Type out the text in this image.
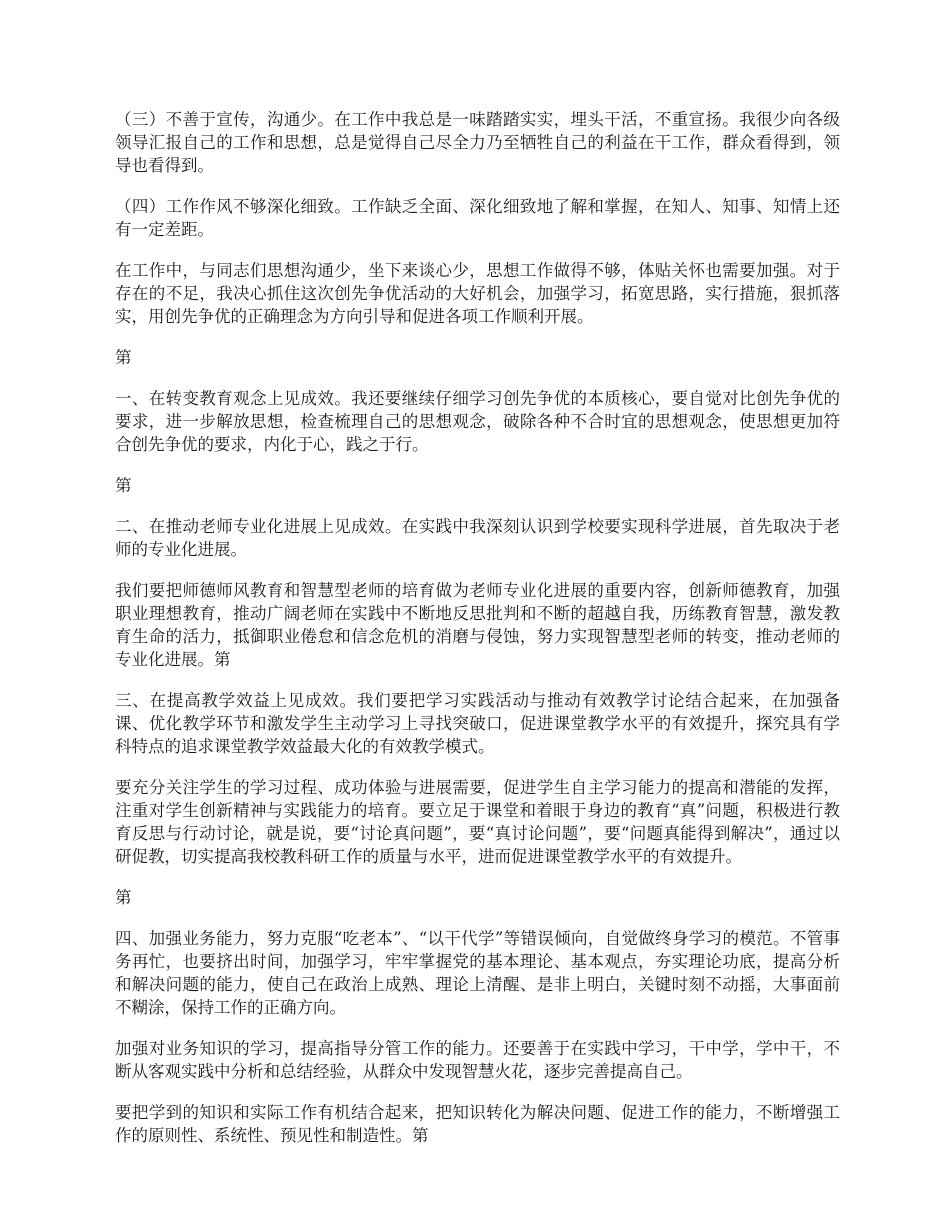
（三）不善于宣传，沟通少。在工作中我总是一味踏踏实实，埋头干活，不重宣扬。我很少向各级领导汇报自己的工作和思想，总是觉得自己尽全力乃至牺牲自己的利益在干工作，群众看得到，领导也看得到。

（四）工作作风不够深化细致。工作缺乏全面、深化细致地了解和掌握，在知人、知事、知情上还有一定差距。

在工作中，与同志们思想沟通少，坐下来谈心少，思想工作做得不够，体贴关怀也需要加强。对于存在的不足，我决心抓住这次创先争优活动的大好机会，加强学习，拓宽思路，实行措施，狠抓落实，用创先争优的正确理念为方向引导和促进各项工作顺利开展。

第

一、在转变教育观念上见成效。我还要继续仔细学习创先争优的本质核心，要自觉对比创先争优的要求，进一步解放思想，检查梳理自己的思想观念，破除各种不合时宜的思想观念，使思想更加符合创先争优的要求，内化于心，践之于行。

第

二、在推动老师专业化进展上见成效。在实践中我深刻认识到学校要实现科学进展，首先取决于老师的专业化进展。

我们要把师德师风教育和智慧型老师的培育做为老师专业化进展的重要内容，创新师德教育，加强职业理想教育，推动广阔老师在实践中不断地反思批判和不断的超越自我，历练教育智慧，激发教育生命的活力，抵御职业倦怠和信念危机的消磨与侵蚀，努力实现智慧型老师的转变，推动老师的专业化进展。第

三、在提高教学效益上见成效。我们要把学习实践活动与推动有效教学讨论结合起来，在加强备课、优化教学环节和激发学生主动学习上寻找突破口，促进课堂教学水平的有效提升，探究具有学科特点的追求课堂教学效益最大化的有效教学模式。

要充分关注学生的学习过程、成功体验与进展需要，促进学生自主学习能力的提高和潜能的发挥，注重对学生创新精神与实践能力的培育。要立足于课堂和着眼于身边的教育“真”问题，积极进行教育反思与行动讨论，就是说，要“讨论真问题”，要“真讨论问题”，要“问题真能得到解决”，通过以研促教，切实提高我校教科研工作的质量与水平，进而促进课堂教学水平的有效提升。

第

四、加强业务能力，努力克服“吃老本”、“以干代学”等错误倾向，自觉做终身学习的模范。不管事务再忙，也要挤出时间，加强学习，牢牢掌握党的基本理论、基本观点，夯实理论功底，提高分析和解决问题的能力，使自己在政治上成熟、理论上清醒、是非上明白，关键时刻不动摇，大事面前不糊涂，保持工作的正确方向。

加强对业务知识的学习，提高指导分管工作的能力。还要善于在实践中学习，干中学，学中干，不断从客观实践中分析和总结经验，从群众中发现智慧火花，逐步完善提高自己。

要把学到的知识和实际工作有机结合起来，把知识转化为解决问题、促进工作的能力，不断增强工作的原则性、系统性、预见性和制造性。第
